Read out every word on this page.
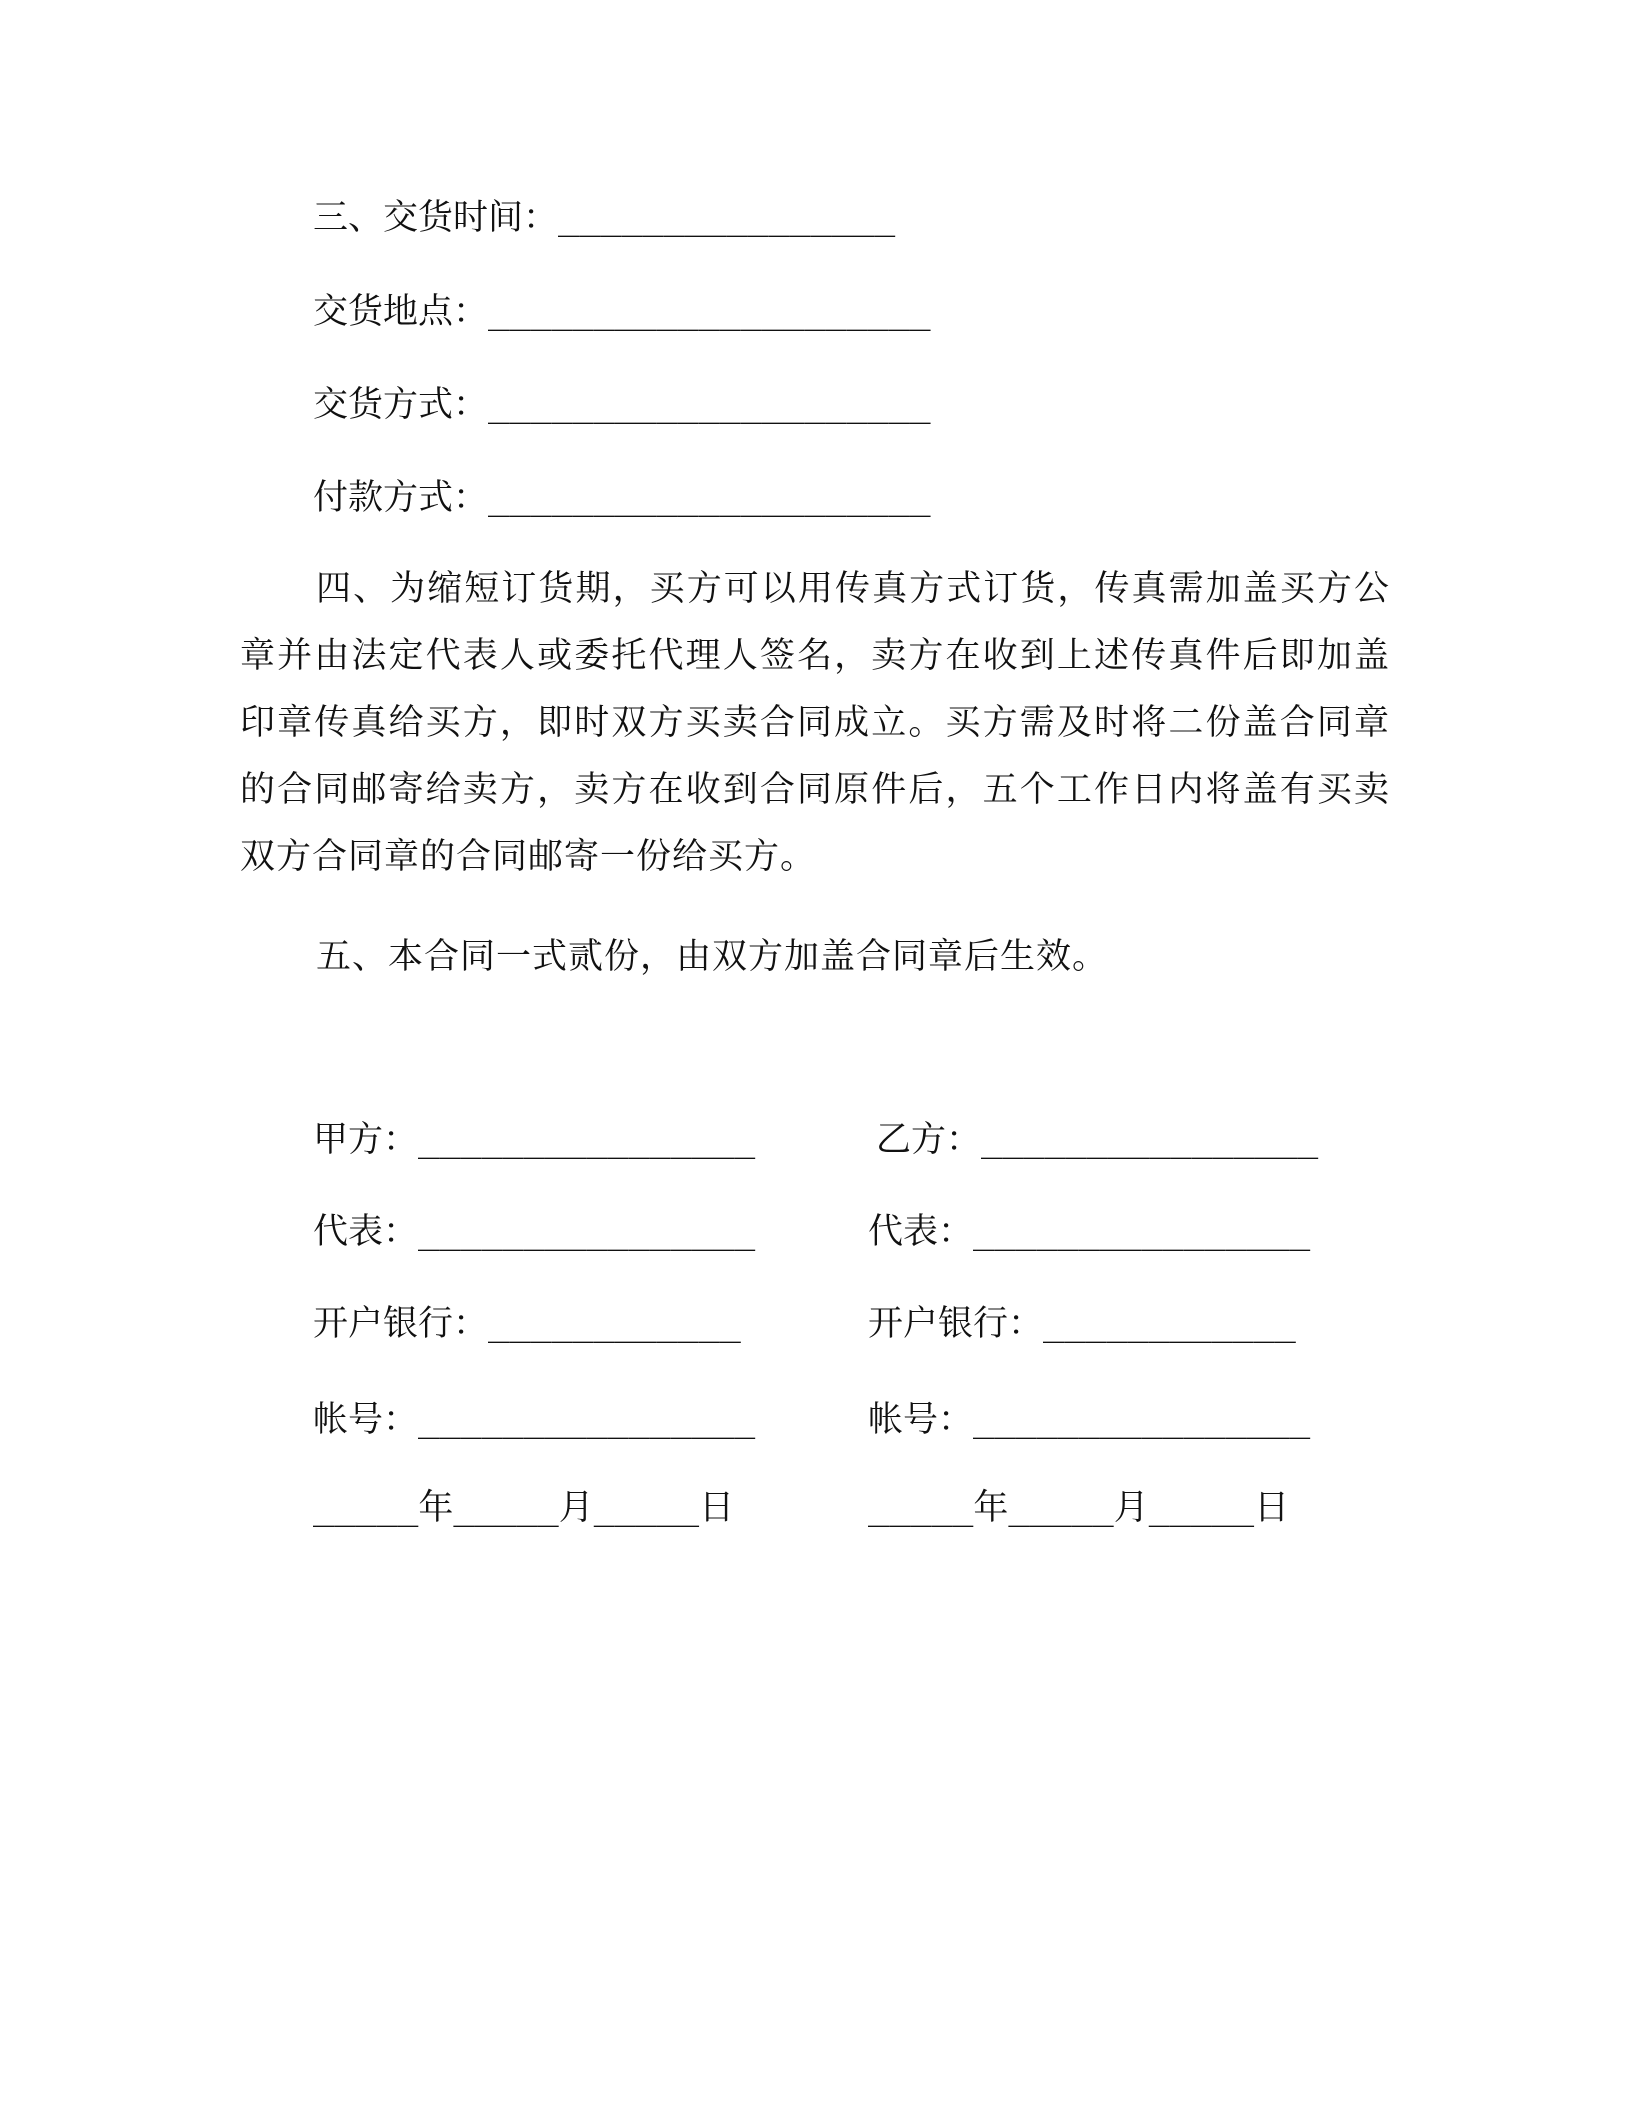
三、交货时间：________________
交货地点：_____________________
交货方式：_____________________
付款方式：_____________________
四、为缩短订货期，买方可以用传真方式订货，传真需加盖买方公章并由法定代表人或委托代理人签名，卖方在收到上述传真件后即加盖印章传真给买方，即时双方买卖合同成立。买方需及时将二份盖合同章的合同邮寄给卖方，卖方在收到合同原件后，五个工作日内将盖有买卖双方合同章的合同邮寄一份给买方。
五、本合同一式贰份，由双方加盖合同章后生效。
甲方：________________
代表：________________
开户银行：____________
帐号：________________
_____年_____月_____日
乙方：________________
代表：________________
开户银行：____________
帐号：________________
_____年_____月_____日
